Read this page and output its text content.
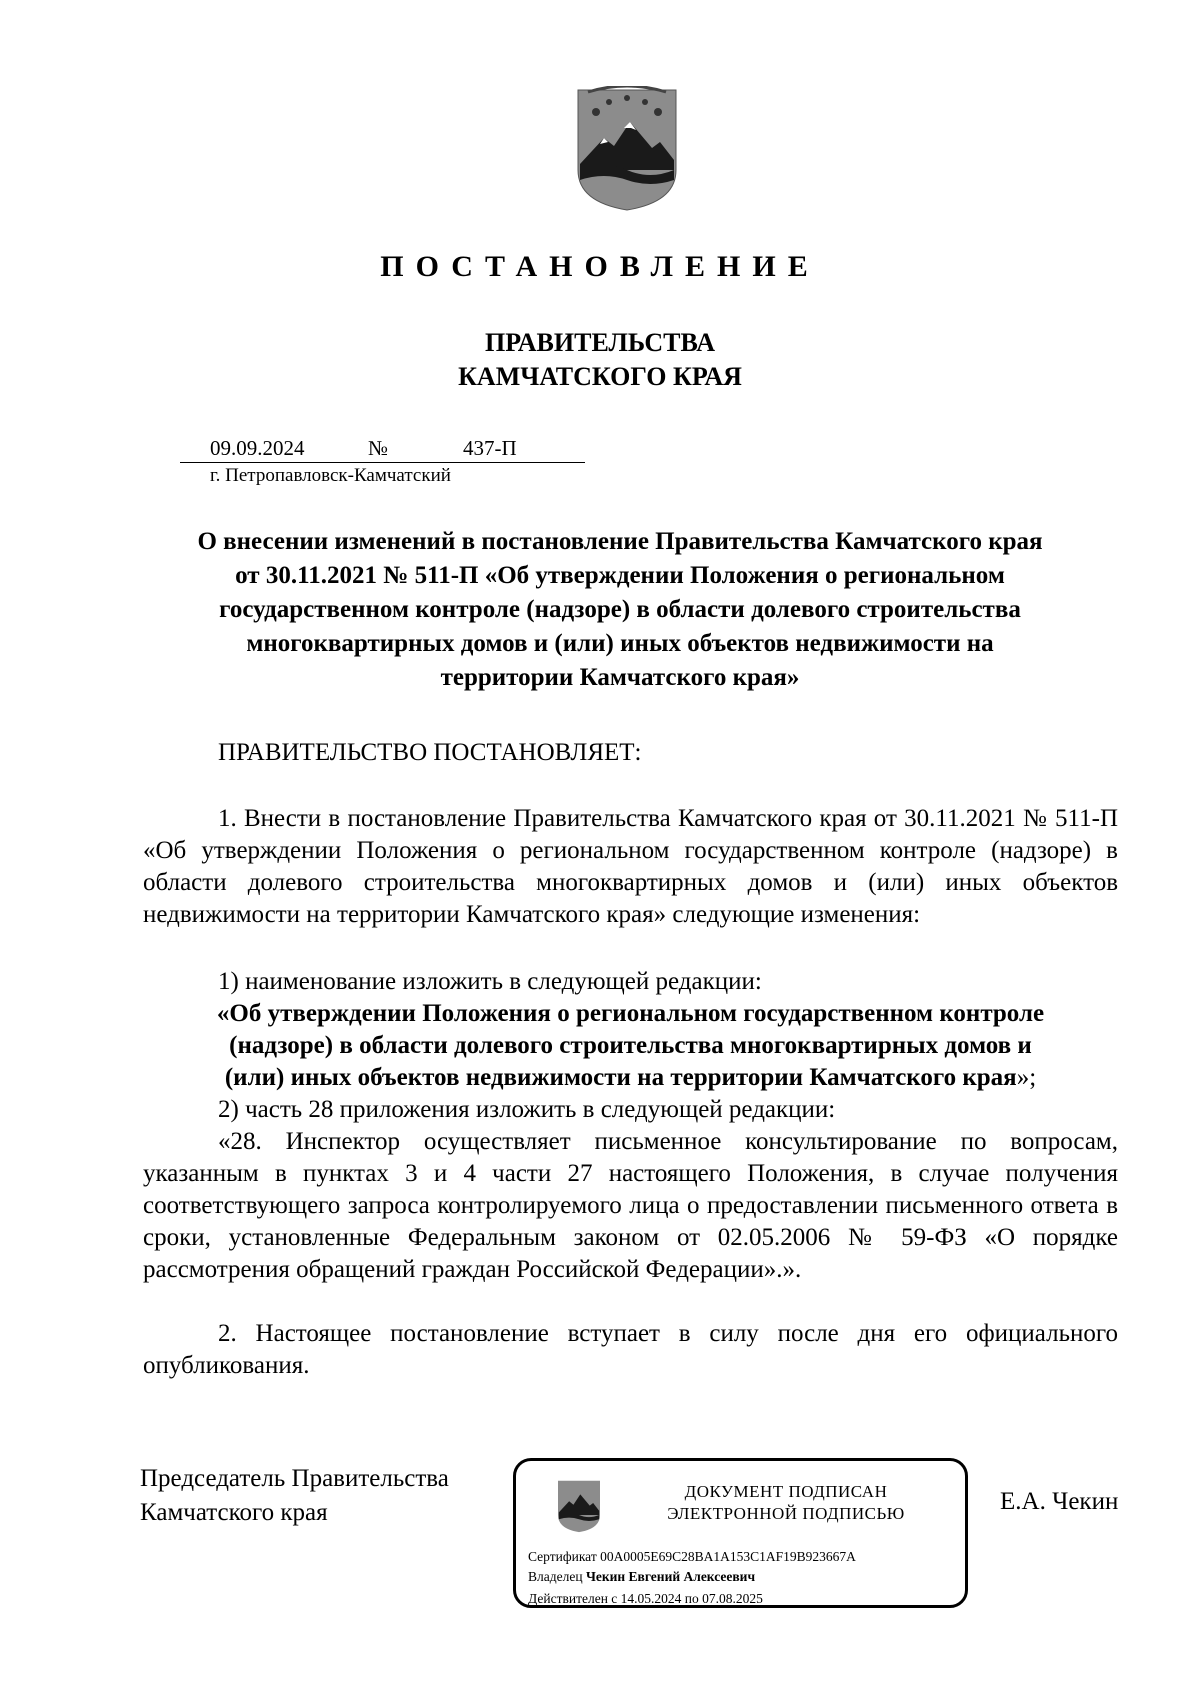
ПОСТАНОВЛЕНИЕ
ПРАВИТЕЛЬСТВА
КАМЧАТСКОГО КРАЯ
09.09.2024	№	437-П
г. Петропавловск-Камчатский
О внесении изменений в постановление Правительства Камчатского края
от 30.11.2021 № 511-П «Об утверждении Положения о региональном
государственном контроле (надзоре) в области долевого строительства
многоквартирных домов и (или) иных объектов недвижимости на
территории Камчатского края»
ПРАВИТЕЛЬСТВО ПОСТАНОВЛЯЕТ:
1. Внести в постановление Правительства Камчатского края от 30.11.2021 № 511-П «Об утверждении Положения о региональном государственном контроле (надзоре) в области долевого строительства многоквартирных домов и (или) иных объектов недвижимости на территории Камчатского края» следующие изменения:
1) наименование изложить в следующей редакции:
«Об утверждении Положения о региональном государственном контроле
(надзоре) в области долевого строительства многоквартирных домов и
(или) иных объектов недвижимости на территории Камчатского края»;
2) часть 28 приложения изложить в следующей редакции:
«28. Инспектор осуществляет письменное консультирование по вопросам, указанным в пунктах 3 и 4 части 27 настоящего Положения, в случае получения соответствующего запроса контролируемого лица о предоставлении письменного ответа в сроки, установленные Федеральным законом от 02.05.2006 № 59-ФЗ «О порядке рассмотрения обращений граждан Российской Федерации».».
2. Настоящее постановление вступает в силу после дня его официального опубликования.
Председатель Правительства
Камчатского края	Е.А. Чекин
ДОКУМЕНТ ПОДПИСАН
ЭЛЕКТРОННОЙ ПОДПИСЬЮ
Сертификат 00A0005E69C28BA1A153C1AF19B923667A
Владелец Чекин Евгений Алексеевич
Действителен с 14.05.2024 по 07.08.2025
